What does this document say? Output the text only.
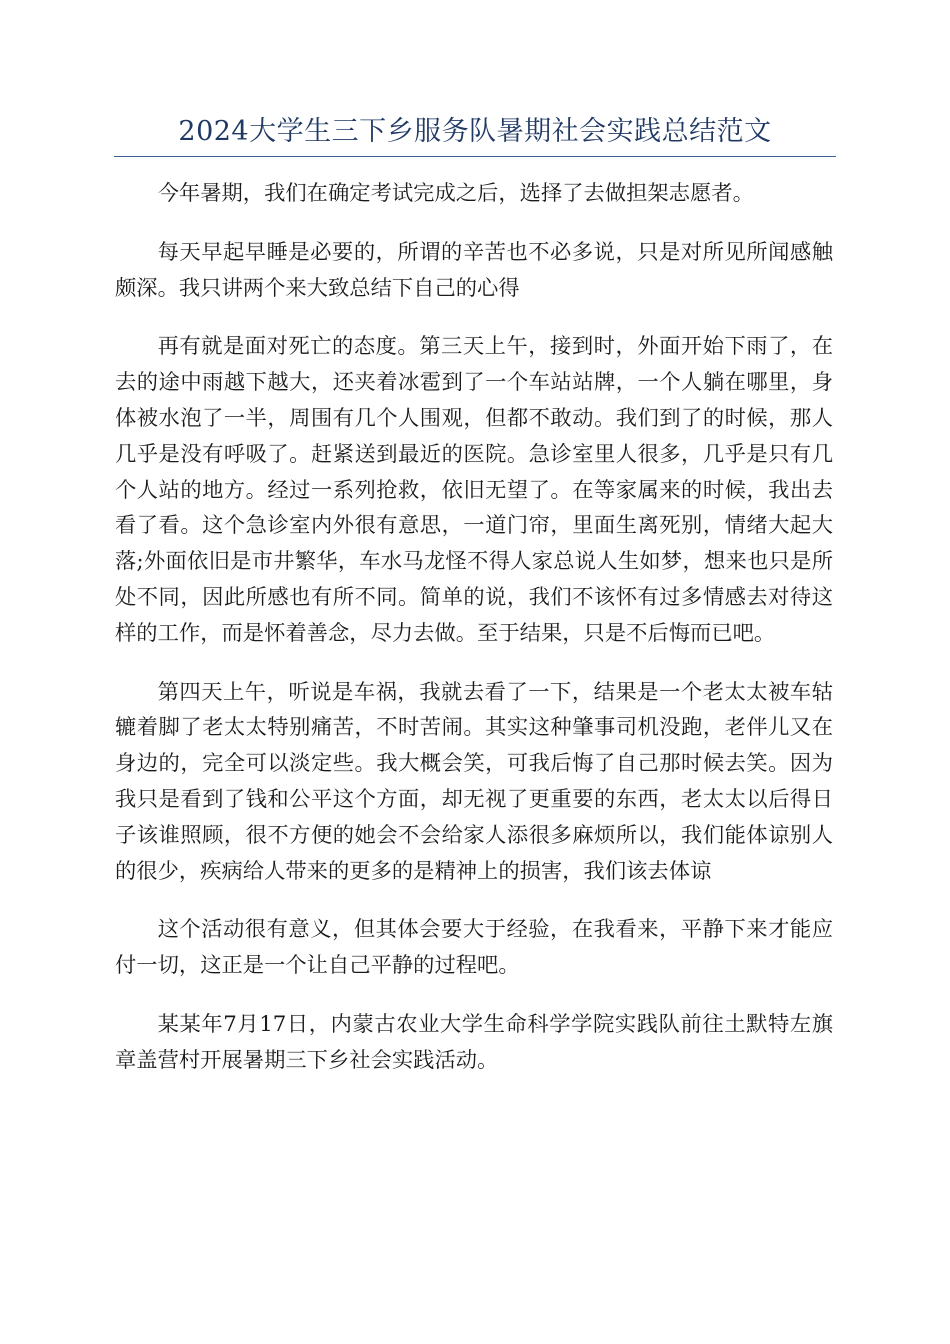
2024大学生三下乡服务队暑期社会实践总结范文

今年暑期，我们在确定考试完成之后，选择了去做担架志愿者。

每天早起早睡是必要的，所谓的辛苦也不必多说，只是对所见所闻感触颇深。我只讲两个来大致总结下自己的心得

再有就是面对死亡的态度。第三天上午，接到时，外面开始下雨了，在去的途中雨越下越大，还夹着冰雹到了一个车站站牌，一个人躺在哪里，身体被水泡了一半，周围有几个人围观，但都不敢动。我们到了的时候，那人几乎是没有呼吸了。赶紧送到最近的医院。急诊室里人很多，几乎是只有几个人站的地方。经过一系列抢救，依旧无望了。在等家属来的时候，我出去看了看。这个急诊室内外很有意思，一道门帘，里面生离死别，情绪大起大落;外面依旧是市井繁华，车水马龙怪不得人家总说人生如梦，想来也只是所处不同，因此所感也有所不同。简单的说，我们不该怀有过多情感去对待这样的工作，而是怀着善念，尽力去做。至于结果，只是不后悔而已吧。

第四天上午，听说是车祸，我就去看了一下，结果是一个老太太被车轱辘着脚了老太太特别痛苦，不时苦闹。其实这种肇事司机没跑，老伴儿又在身边的，完全可以淡定些。我大概会笑，可我后悔了自己那时候去笑。因为我只是看到了钱和公平这个方面，却无视了更重要的东西，老太太以后得日子该谁照顾，很不方便的她会不会给家人添很多麻烦所以，我们能体谅别人的很少，疾病给人带来的更多的是精神上的损害，我们该去体谅

这个活动很有意义，但其体会要大于经验，在我看来，平静下来才能应付一切，这正是一个让自己平静的过程吧。

某某年7月17日，内蒙古农业大学生命科学学院实践队前往土默特左旗章盖营村开展暑期三下乡社会实践活动。
